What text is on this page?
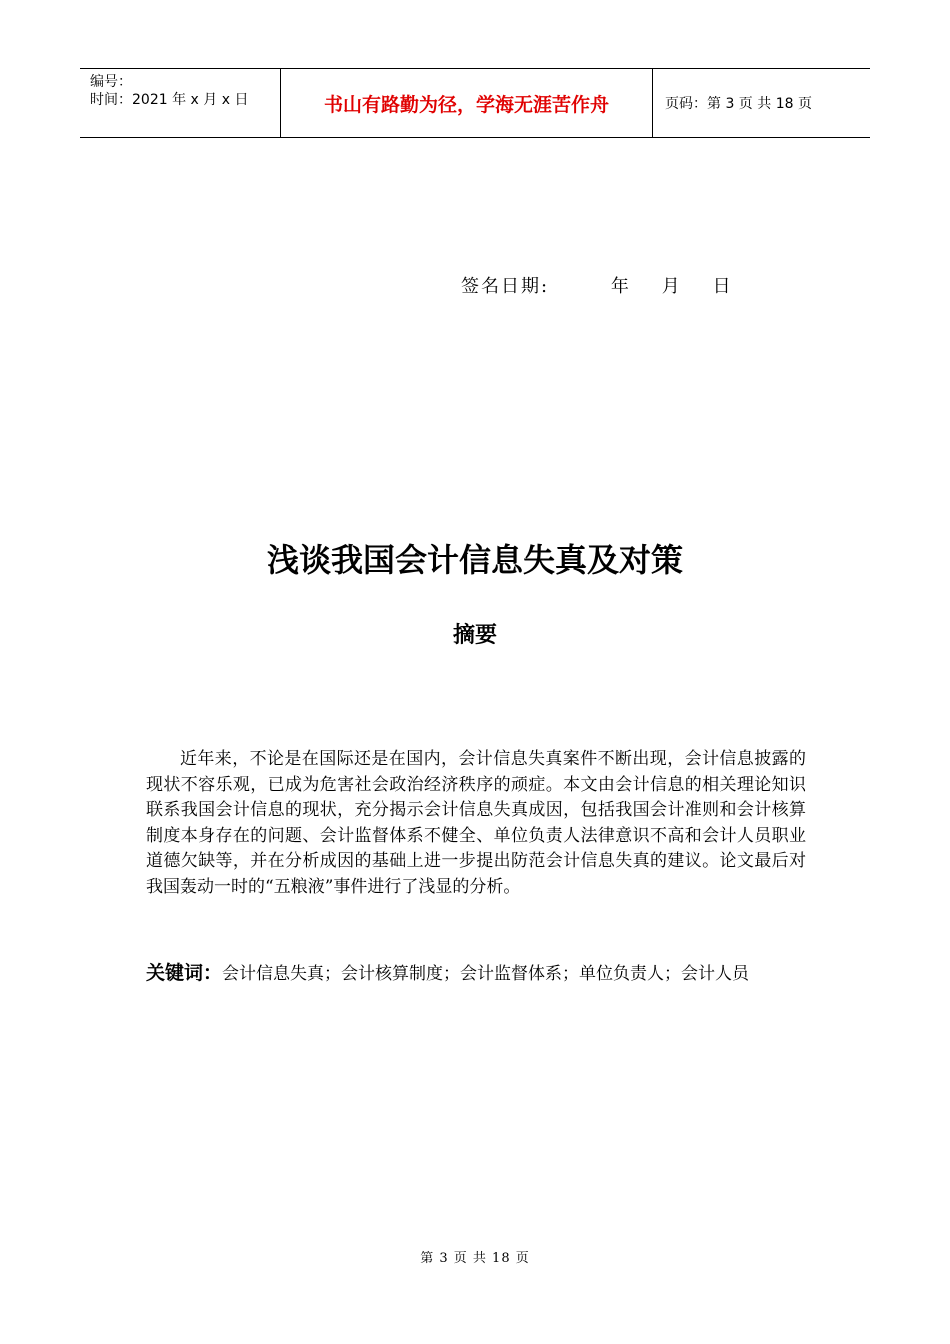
编号：
时间：2021 年 x 月 x 日	书山有路勤为径，学海无涯苦作舟	页码：第 3 页 共 18 页
签名日期:        年    月    日
浅谈我国会计信息失真及对策
摘要

近年来，不论是在国际还是在国内，会计信息失真案件不断出现，会计信息披露的现状不容乐观，已成为危害社会政治经济秩序的顽症。本文由会计信息的相关理论知识联系我国会计信息的现状，充分揭示会计信息失真成因，包括我国会计准则和会计核算制度本身存在的问题、会计监督体系不健全、单位负责人法律意识不高和会计人员职业道德欠缺等，并在分析成因的基础上进一步提出防范会计信息失真的建议。论文最后对我国轰动一时的“五粮液”事件进行了浅显的分析。

关键词：会计信息失真；会计核算制度；会计监督体系；单位负责人；会计人员

第 3 页 共 18 页
